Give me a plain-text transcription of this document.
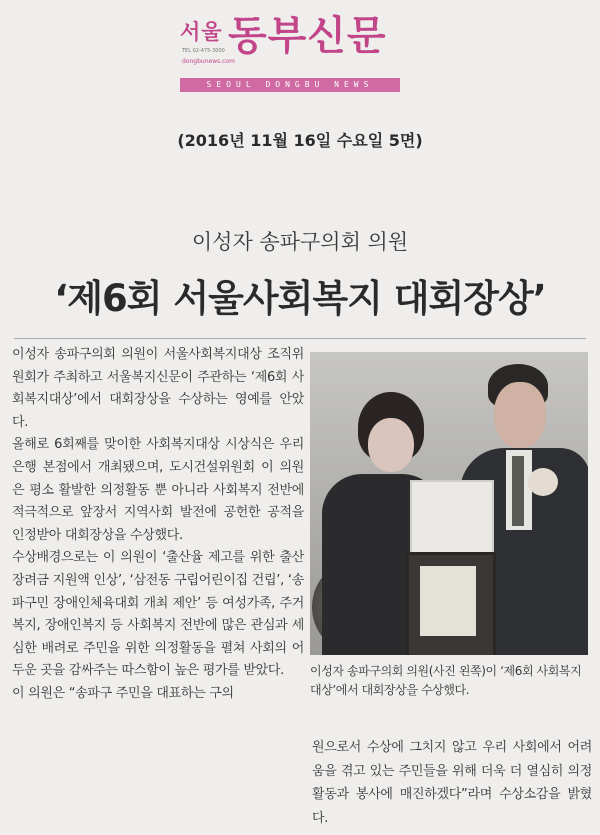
서울 동부신문
TEL 02-475-3000
dongbunews.com
SEOUL DONGBU NEWS
(2016년 11월 16일 수요일 5면)
이성자 송파구의회 의원
‘제6회 서울사회복지 대회장상’

이성자 송파구의회 의원이 서울사회복지대상 조직위원회가 주최하고 서울복지신문이 주관하는 ‘제6회 사회복지대상’에서 대회장상을 수상하는 영예를 안았다.

올해로 6회째를 맞이한 사회복지대상 시상식은 우리은행 본점에서 개최됐으며, 도시건설위원회 이 의원은 평소 활발한 의정활동 뿐 아니라 사회복지 전반에 적극적으로 앞장서 지역사회 발전에 공헌한 공적을 인정받아 대회장상을 수상했다.

수상배경으로는 이 의원이 ‘출산율 제고를 위한 출산장려금 지원액 인상’, ‘삼전동 구립어린이집 건립’, ‘송파구민 장애인체육대회 개최 제안’ 등 여성가족, 주거복지, 장애인복지 등 사회복지 전반에 많은 관심과 세심한 배려로 주민을 위한 의정활동을 펼쳐 사회의 어두운 곳을 감싸주는 따스함이 높은 평가를 받았다.

이 의원은 “송파구 주민을 대표하는 구의

이성자 송파구의회 의원(사진 왼쪽)이 ‘제6회 사회복지대상’에서 대회장상을 수상했다.

원으로서 수상에 그치지 않고 우리 사회에서 어려움을 겪고 있는 주민들을 위해 더욱 더 열심히 의정활동과 봉사에 매진하겠다”라며 수상소감을 밝혔다.
